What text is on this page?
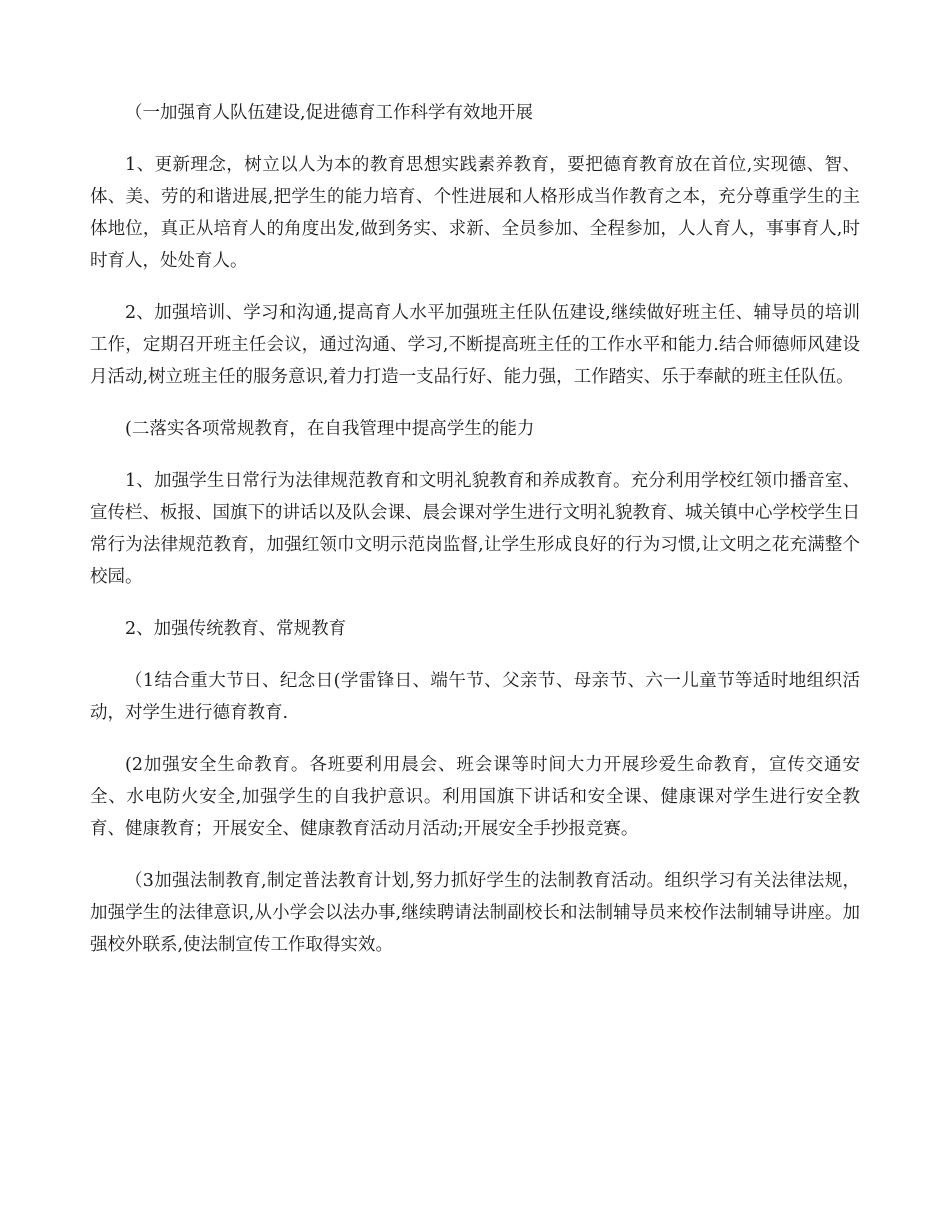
（一加强育人队伍建设,促进德育工作科学有效地开展

1、更新理念，树立以人为本的教育思想实践素养教育，要把德育教育放在首位,实现德、智、体、美、劳的和谐进展,把学生的能力培育、个性进展和人格形成当作教育之本，充分尊重学生的主体地位，真正从培育人的角度出发,做到务实、求新、全员参加、全程参加，人人育人，事事育人,时时育人，处处育人。

2、加强培训、学习和沟通,提高育人水平加强班主任队伍建设,继续做好班主任、辅导员的培训工作，定期召开班主任会议，通过沟通、学习,不断提高班主任的工作水平和能力.结合师德师风建设月活动,树立班主任的服务意识,着力打造一支品行好、能力强，工作踏实、乐于奉献的班主任队伍。

(二落实各项常规教育，在自我管理中提高学生的能力

1、加强学生日常行为法律规范教育和文明礼貌教育和养成教育。充分利用学校红领巾播音室、宣传栏、板报、国旗下的讲话以及队会课、晨会课对学生进行文明礼貌教育、城关镇中心学校学生日常行为法律规范教育，加强红领巾文明示范岗监督,让学生形成良好的行为习惯,让文明之花充满整个校园。

2、加强传统教育、常规教育

（1结合重大节日、纪念日(学雷锋日、端午节、父亲节、母亲节、六一儿童节等适时地组织活动，对学生进行德育教育.

(2加强安全生命教育。各班要利用晨会、班会课等时间大力开展珍爱生命教育，宣传交通安全、水电防火安全,加强学生的自我护意识。利用国旗下讲话和安全课、健康课对学生进行安全教育、健康教育；开展安全、健康教育活动月活动;开展安全手抄报竞赛。

（3加强法制教育,制定普法教育计划,努力抓好学生的法制教育活动。组织学习有关法律法规，加强学生的法律意识,从小学会以法办事,继续聘请法制副校长和法制辅导员来校作法制辅导讲座。加强校外联系,使法制宣传工作取得实效。
